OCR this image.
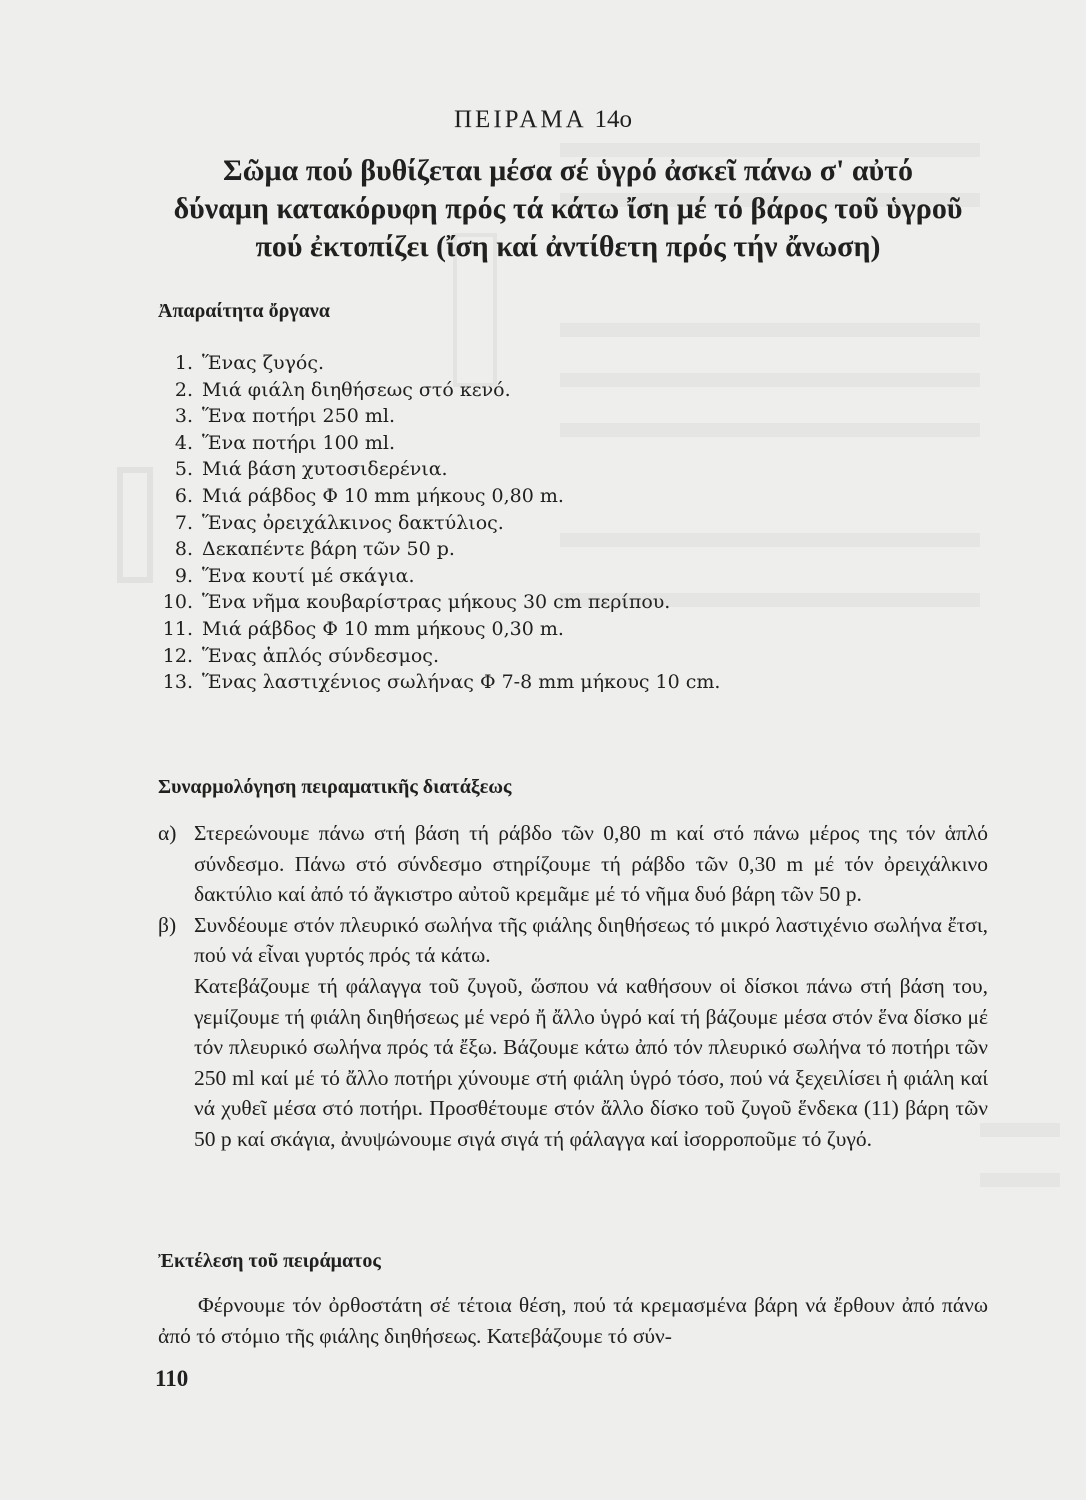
ΠΕΙΡΑΜΑ 14ο
Σῶμα πού βυθίζεται μέσα σέ ὑγρό ἀσκεῖ πάνω σ' αὐτό
δύναμη κατακόρυφη πρός τά κάτω ἴση μέ τό βάρος τοῦ ὑγροῦ
πού ἐκτοπίζει (ἴση καί ἀντίθετη πρός τήν ἄνωση)
Ἀπαραίτητα ὄργανα
1. Ἕνας ζυγός.
2. Μιά φιάλη διηθήσεως στό κενό.
3. Ἕνα ποτήρι 250 ml.
4. Ἕνα ποτήρι 100 ml.
5. Μιά βάση χυτοσιδερένια.
6. Μιά ράβδος Φ 10 mm μήκους 0,80 m.
7. Ἕνας ὀρειχάλκινος δακτύλιος.
8. Δεκαπέντε βάρη τῶν 50 p.
9. Ἕνα κουτί μέ σκάγια.
10. Ἕνα νῆμα κουβαρίστρας μήκους 30 cm περίπου.
11. Μιά ράβδος Φ 10 mm μήκους 0,30 m.
12. Ἕνας ἁπλός σύνδεσμος.
13. Ἕνας λαστιχένιος σωλήνας Φ 7-8 mm μήκους 10 cm.
Συναρμολόγηση πειραματικῆς διατάξεως
α) Στερεώνουμε πάνω στή βάση τή ράβδο τῶν 0,80 m καί στό πάνω μέρος της τόν ἁπλό σύνδεσμο. Πάνω στό σύνδεσμο στηρίζουμε τή ράβδο τῶν 0,30 m μέ τόν ὀρειχάλκινο δακτύλιο καί ἀπό τό ἄγκιστρο αὐτοῦ κρεμᾶμε μέ τό νῆμα δυό βάρη τῶν 50 p.
β) Συνδέουμε στόν πλευρικό σωλήνα τῆς φιάλης διηθήσεως τό μικρό λαστιχένιο σωλήνα ἔτσι, πού νά εἶναι γυρτός πρός τά κάτω.
Κατεβάζουμε τή φάλαγγα τοῦ ζυγοῦ, ὥσπου νά καθήσουν οἱ δίσκοι πάνω στή βάση του, γεμίζουμε τή φιάλη διηθήσεως μέ νερό ἤ ἄλλο ὑγρό καί τή βάζουμε μέσα στόν ἕνα δίσκο μέ τόν πλευρικό σωλήνα πρός τά ἔξω. Βάζουμε κάτω ἀπό τόν πλευρικό σωλήνα τό ποτήρι τῶν 250 ml καί μέ τό ἄλλο ποτήρι χύνουμε στή φιάλη ὑγρό τόσο, πού νά ξεχειλίσει ἡ φιάλη καί νά χυθεῖ μέσα στό ποτήρι. Προσθέτουμε στόν ἄλλο δίσκο τοῦ ζυγοῦ ἕνδεκα (11) βάρη τῶν 50 p καί σκάγια, ἀνυψώνουμε σιγά σιγά τή φάλαγγα καί ἰσορροποῦμε τό ζυγό.
Ἐκτέλεση τοῦ πειράματος
Φέρνουμε τόν ὀρθοστάτη σέ τέτοια θέση, πού τά κρεμασμένα βάρη νά ἔρθουν ἀπό πάνω ἀπό τό στόμιο τῆς φιάλης διηθήσεως. Κατεβάζουμε τό σύν-
110
